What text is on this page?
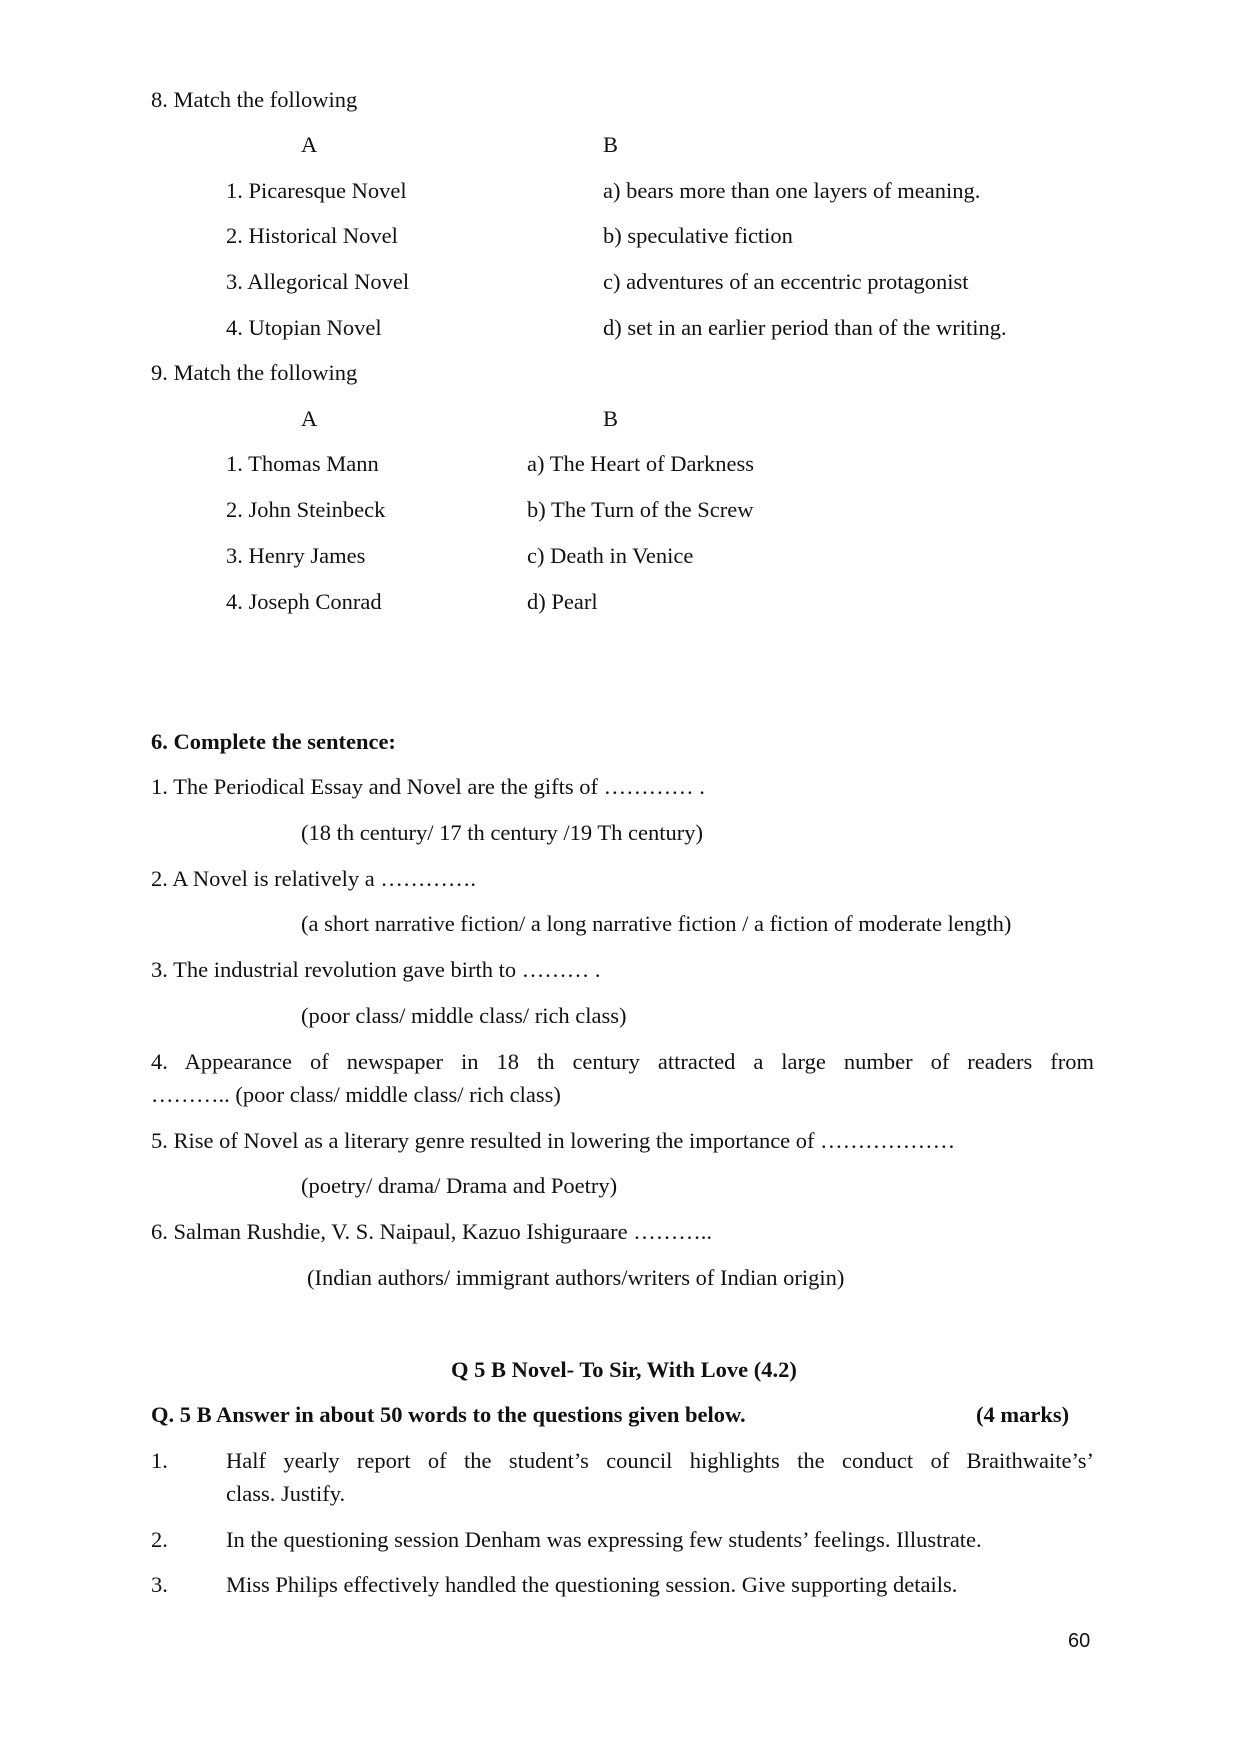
8. Match the following
A	B
1. Picaresque Novel	a) bears more than one layers of meaning.
2. Historical Novel	b) speculative fiction
3. Allegorical Novel	c) adventures of an eccentric protagonist
4. Utopian Novel	d) set in an earlier period than of the writing.
9. Match the following
A	B
1. Thomas Mann	a) The Heart of Darkness
2. John Steinbeck	b) The Turn of the Screw
3. Henry James	c) Death in Venice
4. Joseph Conrad	d) Pearl
6. Complete the sentence:
1. The Periodical Essay and Novel are the gifts of ………… .
(18 th century/ 17 th century /19 Th century)
2. A Novel is relatively a ………….
(a short narrative fiction/ a long narrative fiction / a fiction of moderate length)
3. The industrial revolution gave birth to ……… .
(poor class/ middle class/ rich class)
4. Appearance of newspaper in 18 th century attracted a large number of readers from
……….. (poor class/ middle class/ rich class)
5. Rise of Novel as a literary genre resulted in lowering the importance of ………………
(poetry/ drama/ Drama and Poetry)
6. Salman Rushdie, V. S. Naipaul, Kazuo Ishiguraare ………..
(Indian authors/ immigrant authors/writers of Indian origin)
Q 5 B Novel- To Sir, With Love (4.2)
Q. 5 B Answer in about 50 words to the questions given below.	(4 marks)
1.	Half yearly report of the student’s council highlights the conduct of Braithwaite’s’
class. Justify.
2.	In the questioning session Denham was expressing few students’ feelings. Illustrate.
3.	Miss Philips effectively handled the questioning session. Give supporting details.
60
